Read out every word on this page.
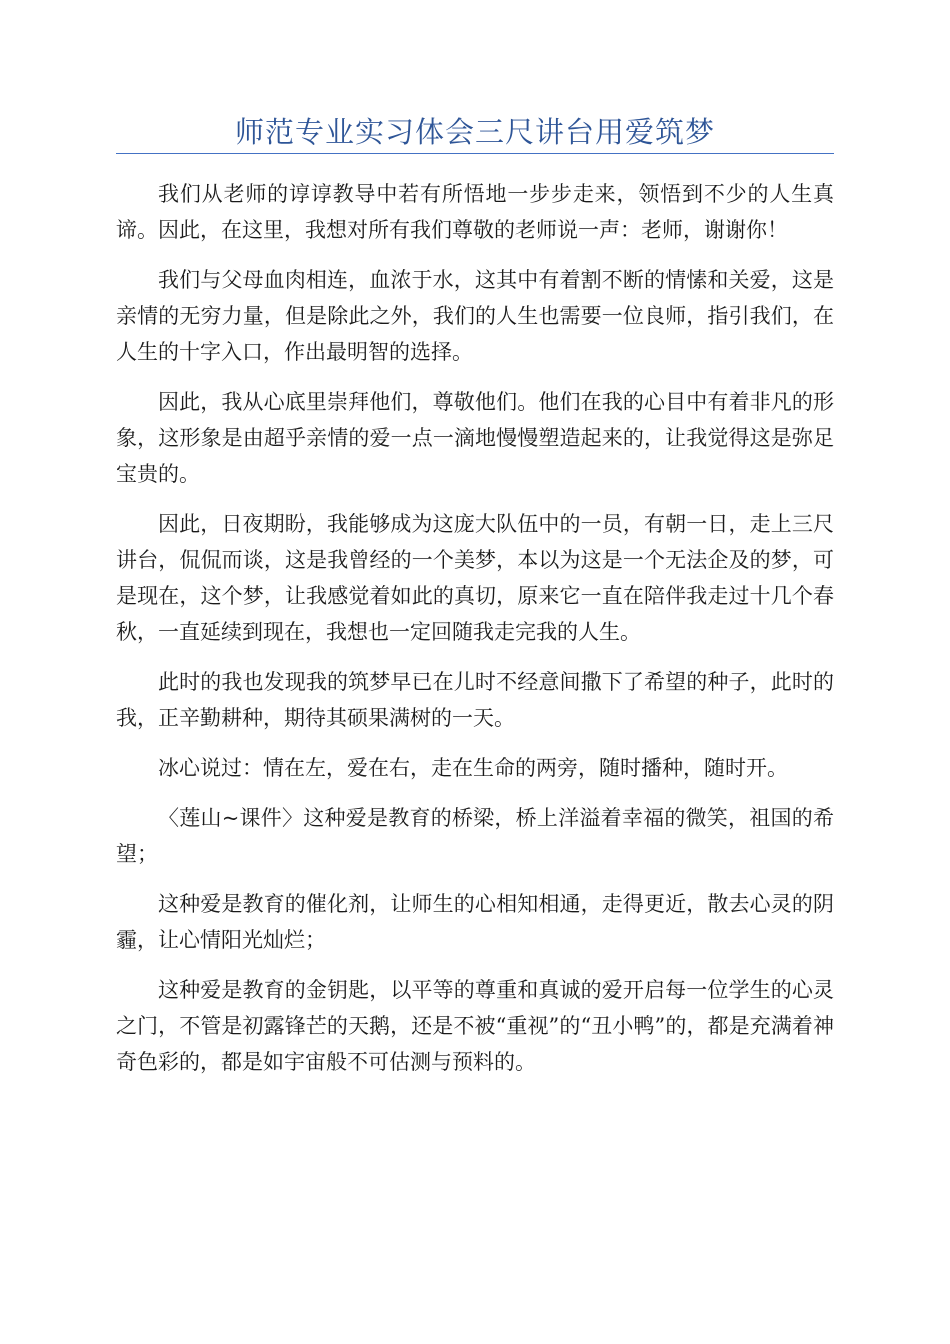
师范专业实习体会三尺讲台用爱筑梦

我们从老师的谆谆教导中若有所悟地一步步走来，领悟到不少的人生真谛。因此，在这里，我想对所有我们尊敬的老师说一声：老师，谢谢你！

我们与父母血肉相连，血浓于水，这其中有着割不断的情愫和关爱，这是亲情的无穷力量，但是除此之外，我们的人生也需要一位良师，指引我们，在人生的十字入口，作出最明智的选择。

因此，我从心底里崇拜他们，尊敬他们。他们在我的心目中有着非凡的形象，这形象是由超乎亲情的爱一点一滴地慢慢塑造起来的，让我觉得这是弥足宝贵的。

因此，日夜期盼，我能够成为这庞大队伍中的一员，有朝一日，走上三尺讲台，侃侃而谈，这是我曾经的一个美梦，本以为这是一个无法企及的梦，可是现在，这个梦，让我感觉着如此的真切，原来它一直在陪伴我走过十几个春秋，一直延续到现在，我想也一定回随我走完我的人生。

此时的我也发现我的筑梦早已在儿时不经意间撒下了希望的种子，此时的我，正辛勤耕种，期待其硕果满树的一天。

冰心说过：情在左，爱在右，走在生命的两旁，随时播种，随时开。

〈莲山~课件〉这种爱是教育的桥梁，桥上洋溢着幸福的微笑，祖国的希望；

这种爱是教育的催化剂，让师生的心相知相通，走得更近，散去心灵的阴霾，让心情阳光灿烂；

这种爱是教育的金钥匙，以平等的尊重和真诚的爱开启每一位学生的心灵之门，不管是初露锋芒的天鹅，还是不被“重视”的“丑小鸭”的，都是充满着神奇色彩的，都是如宇宙般不可估测与预料的。
